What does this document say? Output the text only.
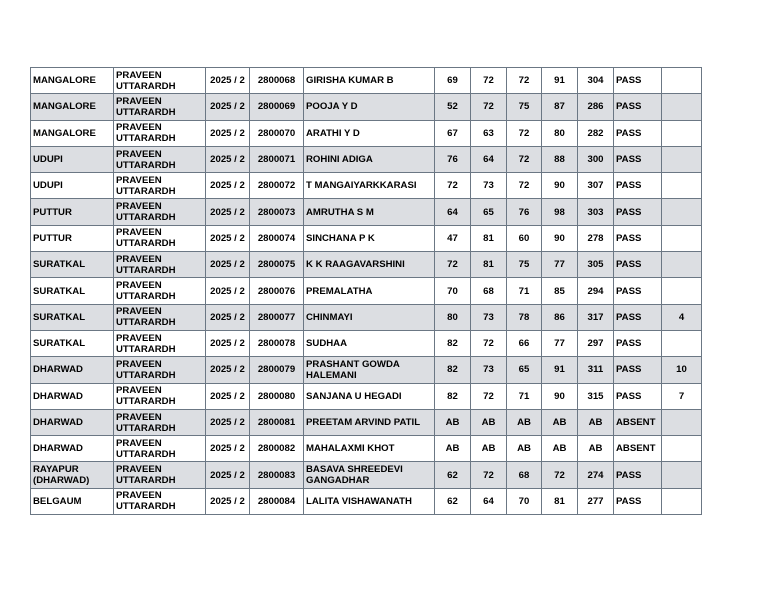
MANGALORE	PRAVEEN UTTARARDH	2025 / 2	2800068	GIRISHA KUMAR B	69	72	72	91	304	PASS	
MANGALORE	PRAVEEN UTTARARDH	2025 / 2	2800069	POOJA Y D	52	72	75	87	286	PASS	
MANGALORE	PRAVEEN UTTARARDH	2025 / 2	2800070	ARATHI Y D	67	63	72	80	282	PASS	
UDUPI	PRAVEEN UTTARARDH	2025 / 2	2800071	ROHINI ADIGA	76	64	72	88	300	PASS	
UDUPI	PRAVEEN UTTARARDH	2025 / 2	2800072	T MANGAIYARKKARASI	72	73	72	90	307	PASS	
PUTTUR	PRAVEEN UTTARARDH	2025 / 2	2800073	AMRUTHA S M	64	65	76	98	303	PASS	
PUTTUR	PRAVEEN UTTARARDH	2025 / 2	2800074	SINCHANA P K	47	81	60	90	278	PASS	
SURATKAL	PRAVEEN UTTARARDH	2025 / 2	2800075	K K RAAGAVARSHINI	72	81	75	77	305	PASS	
SURATKAL	PRAVEEN UTTARARDH	2025 / 2	2800076	PREMALATHA	70	68	71	85	294	PASS	
SURATKAL	PRAVEEN UTTARARDH	2025 / 2	2800077	CHINMAYI	80	73	78	86	317	PASS	4
SURATKAL	PRAVEEN UTTARARDH	2025 / 2	2800078	SUDHAA	82	72	66	77	297	PASS	
DHARWAD	PRAVEEN UTTARARDH	2025 / 2	2800079	PRASHANT GOWDA HALEMANI	82	73	65	91	311	PASS	10
DHARWAD	PRAVEEN UTTARARDH	2025 / 2	2800080	SANJANA U HEGADI	82	72	71	90	315	PASS	7
DHARWAD	PRAVEEN UTTARARDH	2025 / 2	2800081	PREETAM ARVIND PATIL	AB	AB	AB	AB	AB	ABSENT	
DHARWAD	PRAVEEN UTTARARDH	2025 / 2	2800082	MAHALAXMI KHOT	AB	AB	AB	AB	AB	ABSENT	
RAYAPUR (DHARWAD)	PRAVEEN UTTARARDH	2025 / 2	2800083	BASAVA SHREEDEVI GANGADHAR	62	72	68	72	274	PASS	
BELGAUM	PRAVEEN UTTARARDH	2025 / 2	2800084	LALITA VISHAWANATH	62	64	70	81	277	PASS	
